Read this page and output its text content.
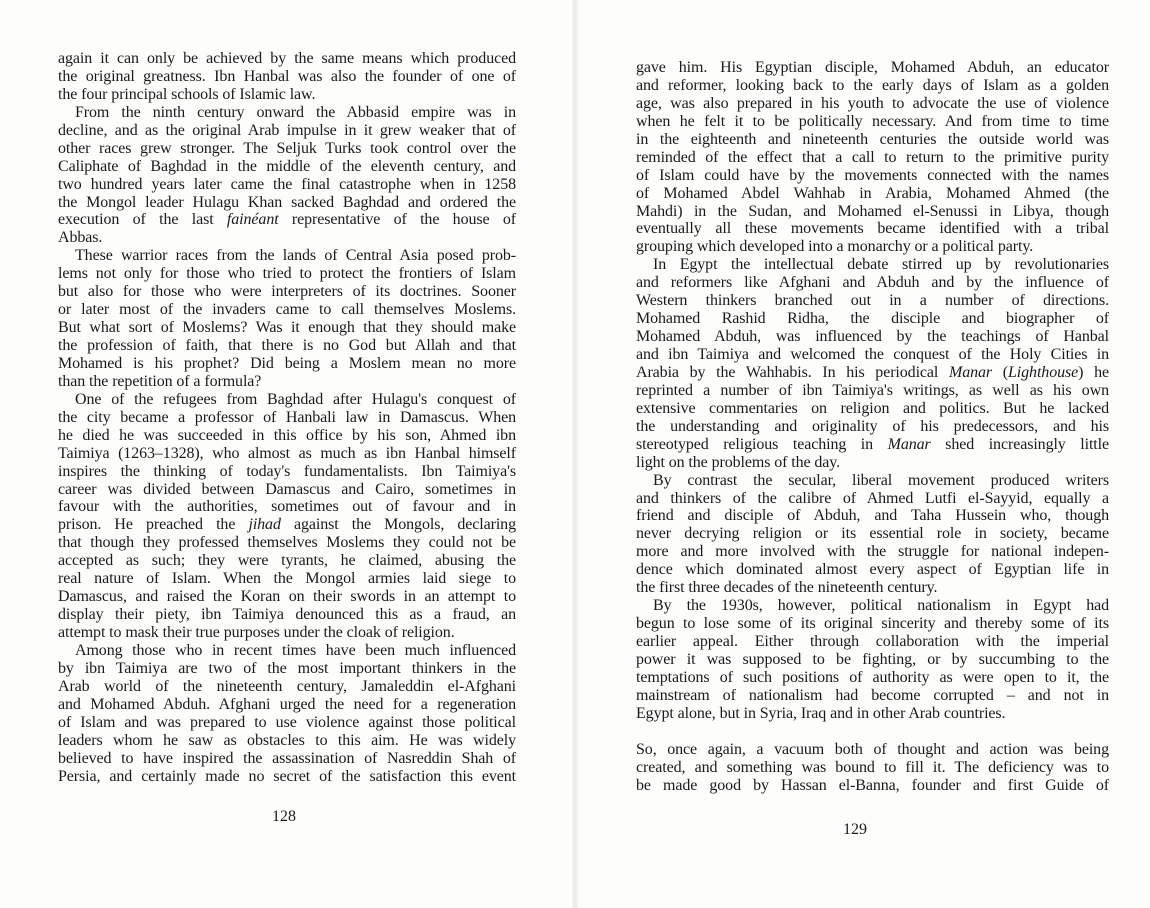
again it can only be achieved by the same means which produced
the original greatness. Ibn Hanbal was also the founder of one of
the four principal schools of Islamic law.
From the ninth century onward the Abbasid empire was in
decline, and as the original Arab impulse in it grew weaker that of
other races grew stronger. The Seljuk Turks took control over the
Caliphate of Baghdad in the middle of the eleventh century, and
two hundred years later came the final catastrophe when in 1258
the Mongol leader Hulagu Khan sacked Baghdad and ordered the
execution of the last fainéant representative of the house of
Abbas.
These warrior races from the lands of Central Asia posed prob-
lems not only for those who tried to protect the frontiers of Islam
but also for those who were interpreters of its doctrines. Sooner
or later most of the invaders came to call themselves Moslems.
But what sort of Moslems? Was it enough that they should make
the profession of faith, that there is no God but Allah and that
Mohamed is his prophet? Did being a Moslem mean no more
than the repetition of a formula?
One of the refugees from Baghdad after Hulagu's conquest of
the city became a professor of Hanbali law in Damascus. When
he died he was succeeded in this office by his son, Ahmed ibn
Taimiya (1263–1328), who almost as much as ibn Hanbal himself
inspires the thinking of today's fundamentalists. Ibn Taimiya's
career was divided between Damascus and Cairo, sometimes in
favour with the authorities, sometimes out of favour and in
prison. He preached the jihad against the Mongols, declaring
that though they professed themselves Moslems they could not be
accepted as such; they were tyrants, he claimed, abusing the
real nature of Islam. When the Mongol armies laid siege to
Damascus, and raised the Koran on their swords in an attempt to
display their piety, ibn Taimiya denounced this as a fraud, an
attempt to mask their true purposes under the cloak of religion.
Among those who in recent times have been much influenced
by ibn Taimiya are two of the most important thinkers in the
Arab world of the nineteenth century, Jamaleddin el-Afghani
and Mohamed Abduh. Afghani urged the need for a regeneration
of Islam and was prepared to use violence against those political
leaders whom he saw as obstacles to this aim. He was widely
believed to have inspired the assassination of Nasreddin Shah of
Persia, and certainly made no secret of the satisfaction this event
128
gave him. His Egyptian disciple, Mohamed Abduh, an educator
and reformer, looking back to the early days of Islam as a golden
age, was also prepared in his youth to advocate the use of violence
when he felt it to be politically necessary. And from time to time
in the eighteenth and nineteenth centuries the outside world was
reminded of the effect that a call to return to the primitive purity
of Islam could have by the movements connected with the names
of Mohamed Abdel Wahhab in Arabia, Mohamed Ahmed (the
Mahdi) in the Sudan, and Mohamed el-Senussi in Libya, though
eventually all these movements became identified with a tribal
grouping which developed into a monarchy or a political party.
In Egypt the intellectual debate stirred up by revolutionaries
and reformers like Afghani and Abduh and by the influence of
Western thinkers branched out in a number of directions.
Mohamed Rashid Ridha, the disciple and biographer of
Mohamed Abduh, was influenced by the teachings of Hanbal
and ibn Taimiya and welcomed the conquest of the Holy Cities in
Arabia by the Wahhabis. In his periodical Manar (Lighthouse) he
reprinted a number of ibn Taimiya's writings, as well as his own
extensive commentaries on religion and politics. But he lacked
the understanding and originality of his predecessors, and his
stereotyped religious teaching in Manar shed increasingly little
light on the problems of the day.
By contrast the secular, liberal movement produced writers
and thinkers of the calibre of Ahmed Lutfi el-Sayyid, equally a
friend and disciple of Abduh, and Taha Hussein who, though
never decrying religion or its essential role in society, became
more and more involved with the struggle for national indepen-
dence which dominated almost every aspect of Egyptian life in
the first three decades of the nineteenth century.
By the 1930s, however, political nationalism in Egypt had
begun to lose some of its original sincerity and thereby some of its
earlier appeal. Either through collaboration with the imperial
power it was supposed to be fighting, or by succumbing to the
temptations of such positions of authority as were open to it, the
mainstream of nationalism had become corrupted – and not in
Egypt alone, but in Syria, Iraq and in other Arab countries.
So, once again, a vacuum both of thought and action was being
created, and something was bound to fill it. The deficiency was to
be made good by Hassan el-Banna, founder and first Guide of
129
